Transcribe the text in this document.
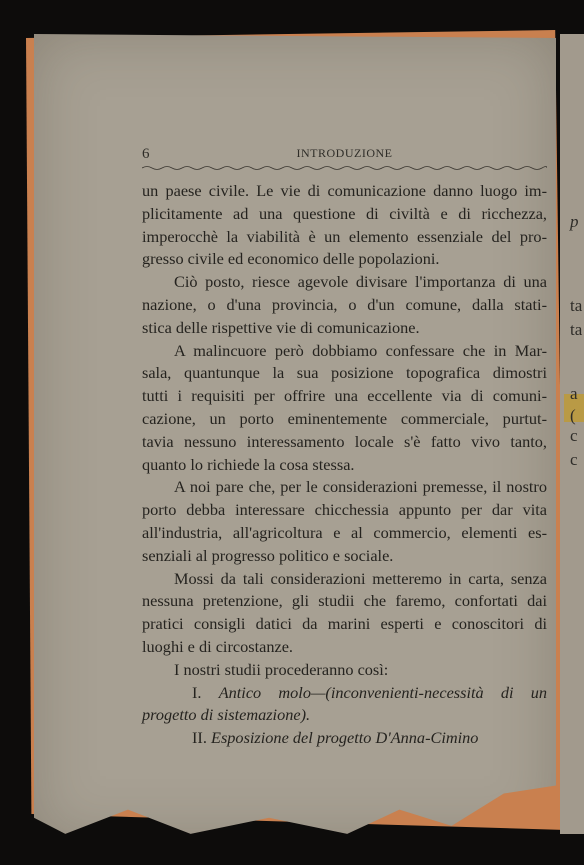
p
ta
ta
a
(
c
c
6	INTRODUZIONE
un paese civile. Le vie di comunicazione danno luogo im-
plicitamente ad una questione di civiltà e di ricchezza,
imperocchè la viabilità è un elemento essenziale del pro-
gresso civile ed economico delle popolazioni.
Ciò posto, riesce agevole divisare l'importanza di una
nazione, o d'una provincia, o d'un comune, dalla stati-
stica delle rispettive vie di comunicazione.
A malincuore però dobbiamo confessare che in Mar-
sala, quantunque la sua posizione topografica dimostri
tutti i requisiti per offrire una eccellente via di comuni-
cazione, un porto eminentemente commerciale, purtut-
tavia nessuno interessamento locale s'è fatto vivo tanto,
quanto lo richiede la cosa stessa.
A noi pare che, per le considerazioni premesse, il nostro
porto debba interessare chicchessia appunto per dar vita
all'industria, all'agricoltura e al commercio, elementi es-
senziali al progresso politico e sociale.
Mossi da tali considerazioni metteremo in carta, senza
nessuna pretenzione, gli studii che faremo, confortati dai
pratici consigli datici da marini esperti e conoscitori di
luoghi e di circostanze.
I nostri studii procederanno così:
I. Antico molo—(inconvenienti-necessità di un
progetto di sistemazione).
II. Esposizione del progetto D'Anna-Cimino
